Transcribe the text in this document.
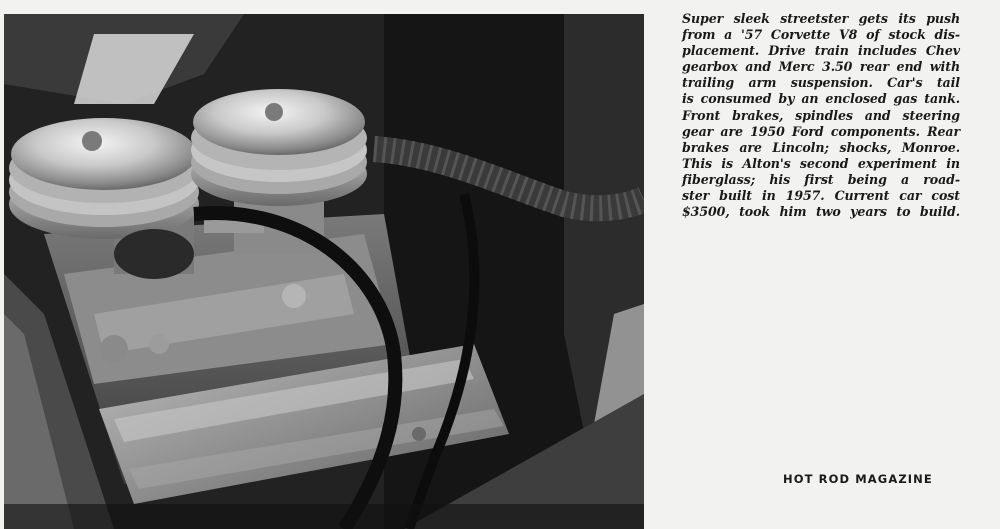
Super sleek streetster gets its push
from a '57 Corvette V8 of stock dis-
placement. Drive train includes Chev
gearbox and Merc 3.50 rear end with
trailing arm suspension. Car's tail
is consumed by an enclosed gas tank.
Front brakes, spindles and steering
gear are 1950 Ford components. Rear
brakes are Lincoln; shocks, Monroe.
This is Alton's second experiment in
fiberglass; his first being a road-
ster built in 1957. Current car cost
$3500, took him two years to build.
HOT ROD MAGAZINE
